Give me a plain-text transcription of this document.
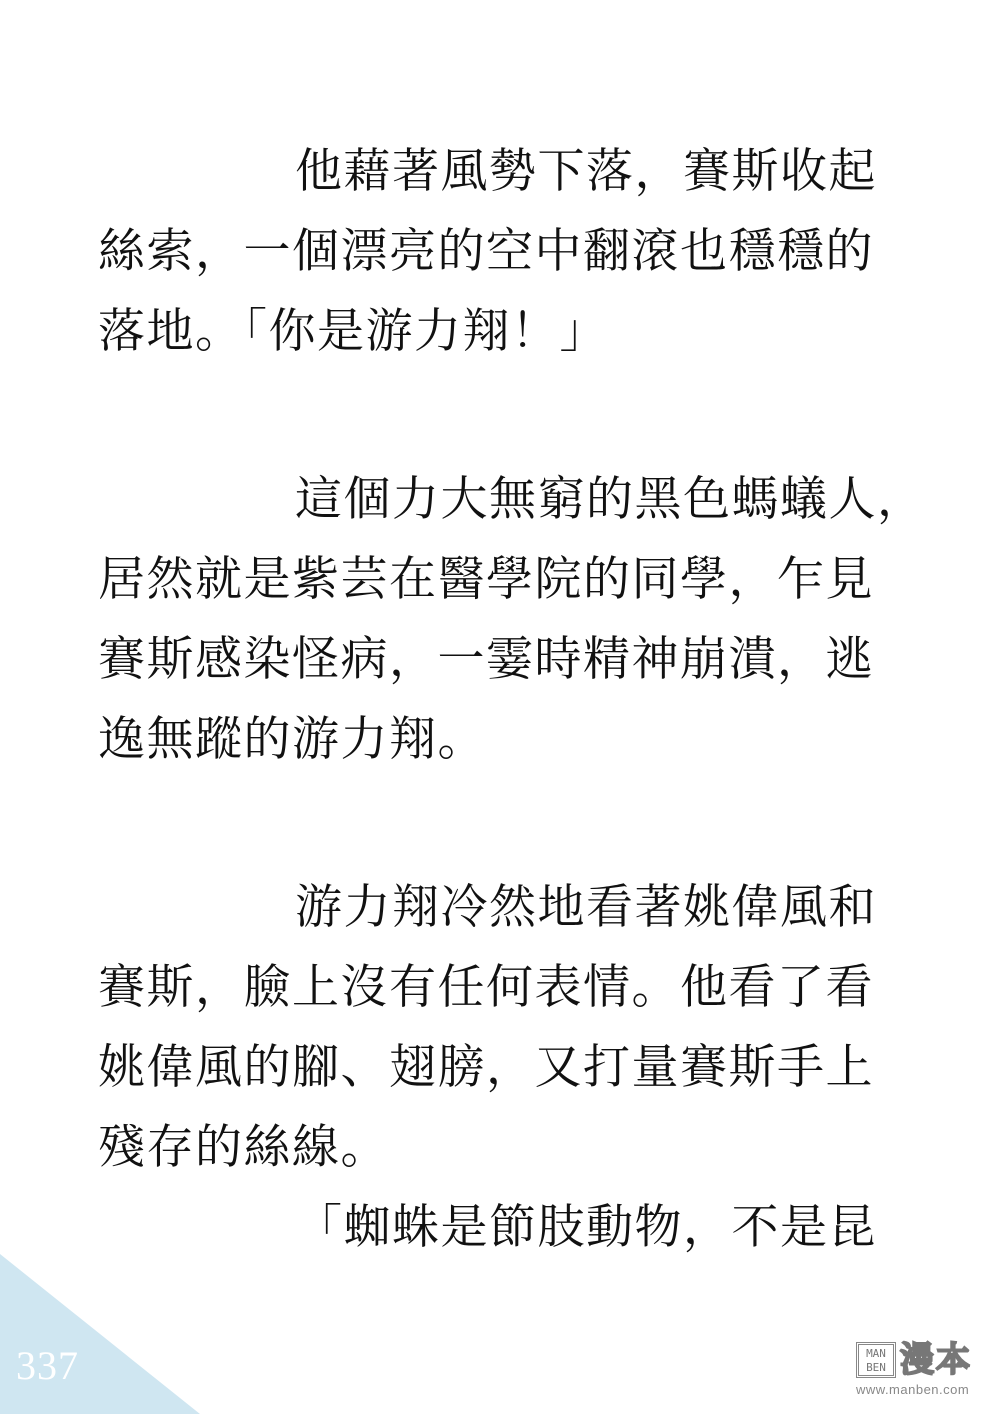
他藉著風勢下落，賽斯收起
絲索，一個漂亮的空中翻滾也穩穩的
落地。「你是游力翔！」
這個力大無窮的黑色螞蟻人，
居然就是紫芸在醫學院的同學，乍見
賽斯感染怪病，一霎時精神崩潰，逃
逸無蹤的游力翔。
游力翔冷然地看著姚偉風和
賽斯，臉上沒有任何表情。他看了看
姚偉風的腳、翅膀，又打量賽斯手上
殘存的絲線。
「蜘蛛是節肢動物，不是昆
337	MAN BEN 漫本
www.manben.com
